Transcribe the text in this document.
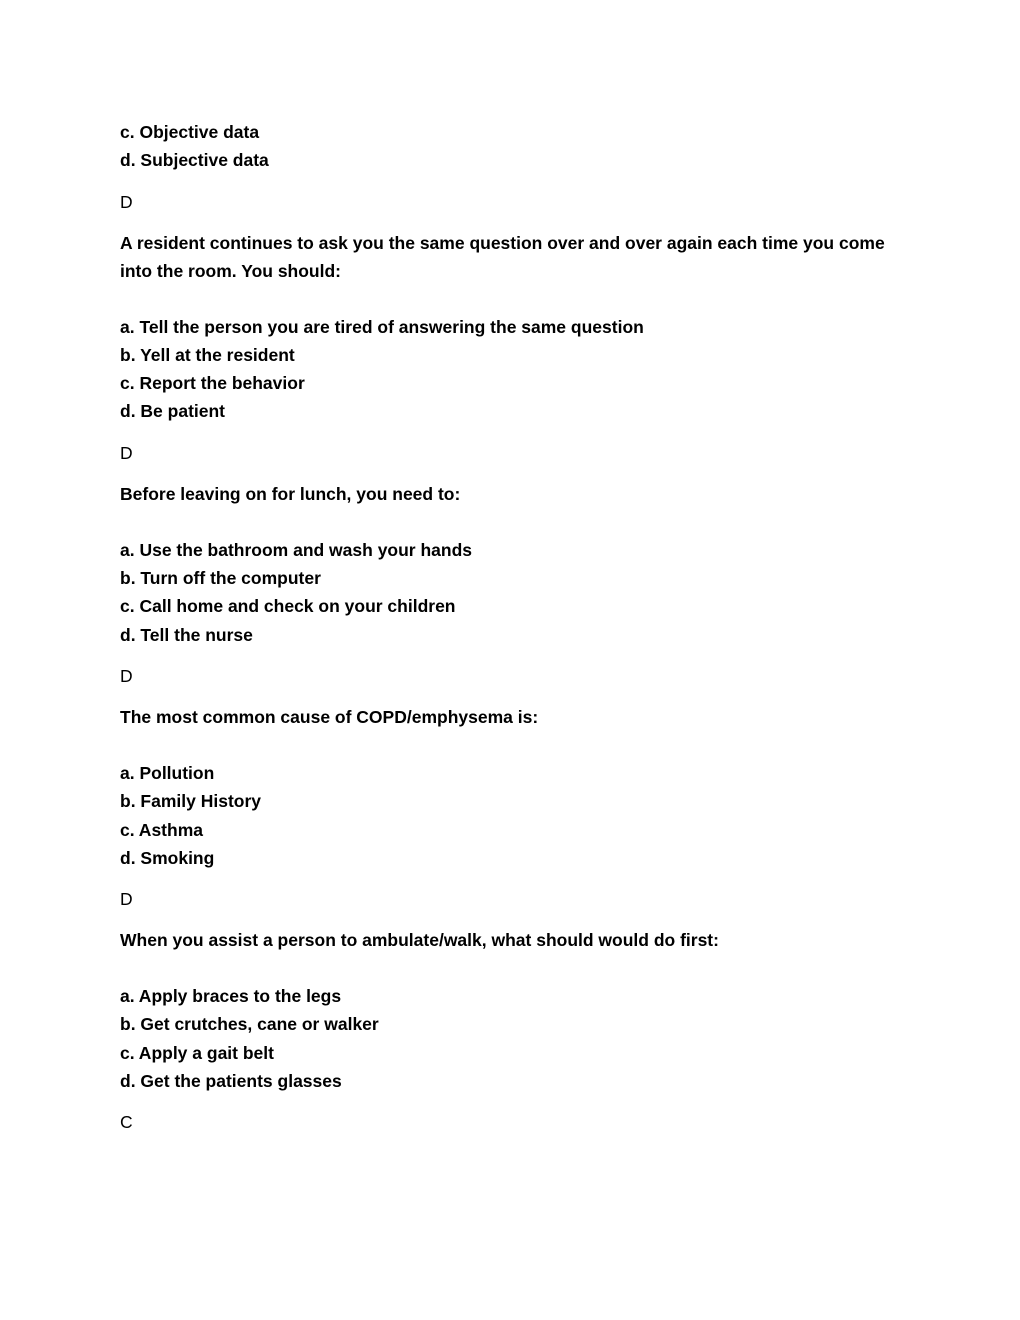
c. Objective data

d. Subjective data

D

A resident continues to ask you the same question over and over again each time you come into the room. You should:

a. Tell the person you are tired of answering the same question

b. Yell at the resident

c. Report the behavior

d. Be patient

D

Before leaving on for lunch, you need to:

a. Use the bathroom and wash your hands

b. Turn off the computer

c. Call home and check on your children

d. Tell the nurse

D

The most common cause of COPD/emphysema is:

a. Pollution

b. Family History

c. Asthma

d. Smoking

D

When you assist a person to ambulate/walk, what should would do first:

a. Apply braces to the legs

b. Get crutches, cane or walker

c. Apply a gait belt

d. Get the patients glasses

C
